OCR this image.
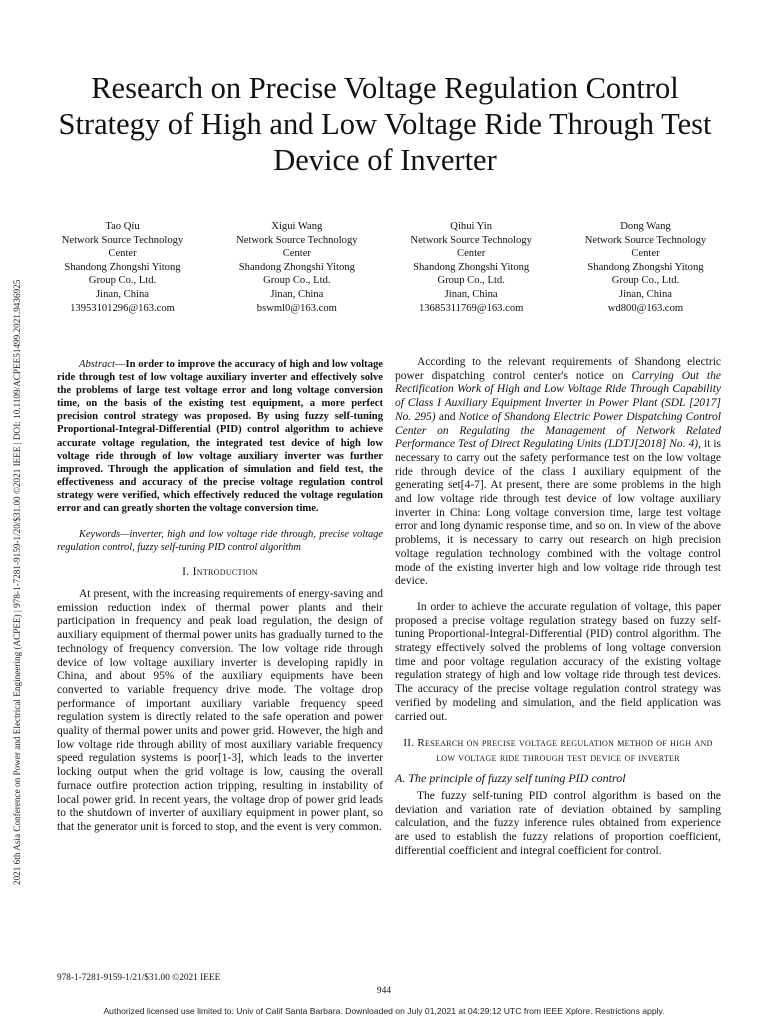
2021 6th Asia Conference on Power and Electrical Engineering (ACPEE) | 978-1-7281-9159-1/20/$31.00 ©2021 IEEE | DOI: 10.1109/ACPEE51499.2021.9436925
Research on Precise Voltage Regulation Control Strategy of High and Low Voltage Ride Through Test Device of Inverter
Tao Qiu
Network Source Technology
Center
Shandong Zhongshi Yitong
Group Co., Ltd.
Jinan, China
13953101296@163.com
Xigui Wang
Network Source Technology
Center
Shandong Zhongshi Yitong
Group Co., Ltd.
Jinan, China
bswml0@163.com
Qihui Yin
Network Source Technology
Center
Shandong Zhongshi Yitong
Group Co., Ltd.
Jinan, China
13685311769@163.com
Dong Wang
Network Source Technology
Center
Shandong Zhongshi Yitong
Group Co., Ltd.
Jinan, China
wd800@163.com

Abstract—In order to improve the accuracy of high and low voltage ride through test of low voltage auxiliary inverter and effectively solve the problems of large test voltage error and long voltage conversion time, on the basis of the existing test equipment, a more perfect precision control strategy was proposed. By using fuzzy self-tuning Proportional-Integral-Differential (PID) control algorithm to achieve accurate voltage regulation, the integrated test device of high low voltage ride through of low voltage auxiliary inverter was further improved. Through the application of simulation and field test, the effectiveness and accuracy of the precise voltage regulation control strategy were verified, which effectively reduced the voltage regulation error and can greatly shorten the voltage conversion time.

Keywords—inverter, high and low voltage ride through, precise voltage regulation control, fuzzy self-tuning PID control algorithm

I. Introduction

At present, with the increasing requirements of energy-saving and emission reduction index of thermal power plants and their participation in frequency and peak load regulation, the design of auxiliary equipment of thermal power units has gradually turned to the technology of frequency conversion. The low voltage ride through device of low voltage auxiliary inverter is developing rapidly in China, and about 95% of the auxiliary equipments have been converted to variable frequency drive mode. The voltage drop performance of important auxiliary variable frequency speed regulation system is directly related to the safe operation and power quality of thermal power units and power grid. However, the high and low voltage ride through ability of most auxiliary variable frequency speed regulation systems is poor[1-3], which leads to the inverter locking output when the grid voltage is low, causing the overall furnace outfire protection action tripping, resulting in instability of local power grid. In recent years, the voltage drop of power grid leads to the shutdown of inverter of auxiliary equipment in power plant, so that the generator unit is forced to stop, and the event is very common.

According to the relevant requirements of Shandong electric power dispatching control center's notice on Carrying Out the Rectification Work of High and Low Voltage Ride Through Capability of Class I Auxiliary Equipment Inverter in Power Plant (SDL [2017] No. 295) and Notice of Shandong Electric Power Dispatching Control Center on Regulating the Management of Network Related Performance Test of Direct Regulating Units (LDTJ[2018] No. 4), it is necessary to carry out the safety performance test on the low voltage ride through device of the class I auxiliary equipment of the generating set[4-7]. At present, there are some problems in the high and low voltage ride through test device of low voltage auxiliary inverter in China: Long voltage conversion time, large test voltage error and long dynamic response time, and so on. In view of the above problems, it is necessary to carry out research on high precision voltage regulation technology combined with the voltage control mode of the existing inverter high and low voltage ride through test device.

In order to achieve the accurate regulation of voltage, this paper proposed a precise voltage regulation strategy based on fuzzy self-tuning Proportional-Integral-Differential (PID) control algorithm. The strategy effectively solved the problems of long voltage conversion time and poor voltage regulation accuracy of the existing voltage regulation strategy of high and low voltage ride through test devices. The accuracy of the precise voltage regulation control strategy was verified by modeling and simulation, and the field application was carried out.

II. Research on precise voltage regulation method of high and low voltage ride through test device of inverter
A. The principle of fuzzy self tuning PID control

The fuzzy self-tuning PID control algorithm is based on the deviation and variation rate of deviation obtained by sampling calculation, and the fuzzy inference rules obtained from experience are used to establish the fuzzy relations of proportion coefficient, differential coefficient and integral coefficient for control.

978-1-7281-9159-1/21/$31.00 ©2021 IEEE
944
Authorized licensed use limited to: Univ of Calif Santa Barbara. Downloaded on July 01,2021 at 04:29:12 UTC from IEEE Xplore. Restrictions apply.
